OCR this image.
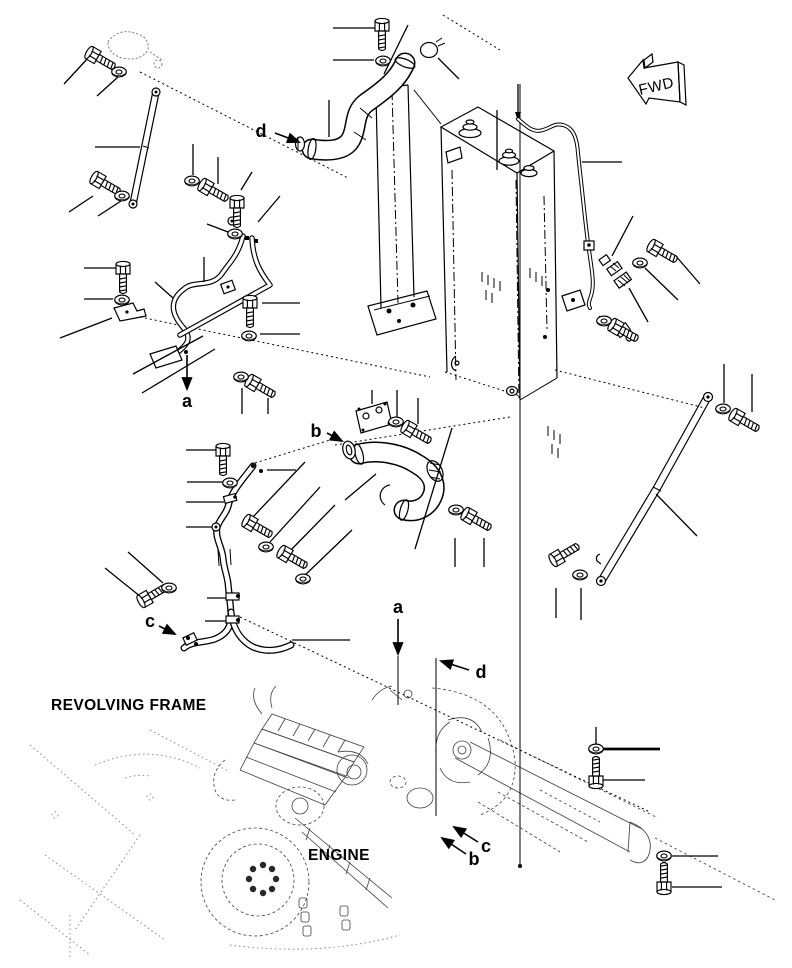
d
a
b
c
a
d
b
c
FWD
REVOLVING FRAME
ENGINE
